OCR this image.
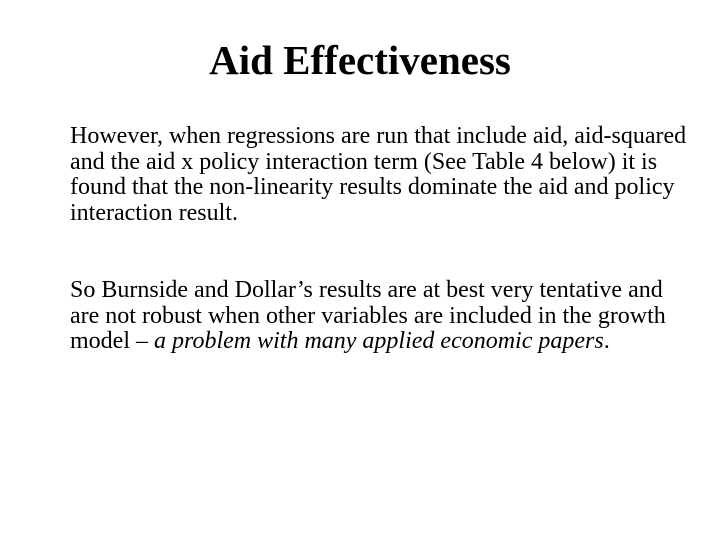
Aid Effectiveness

However, when regressions are run that include aid, aid-squared and the aid x policy interaction term (See Table 4 below) it is found that the non-linearity results dominate the aid and policy interaction result.

So Burnside and Dollar’s results are at best very tentative and are not robust when other variables are included in the growth model – a problem with many applied economic papers.
